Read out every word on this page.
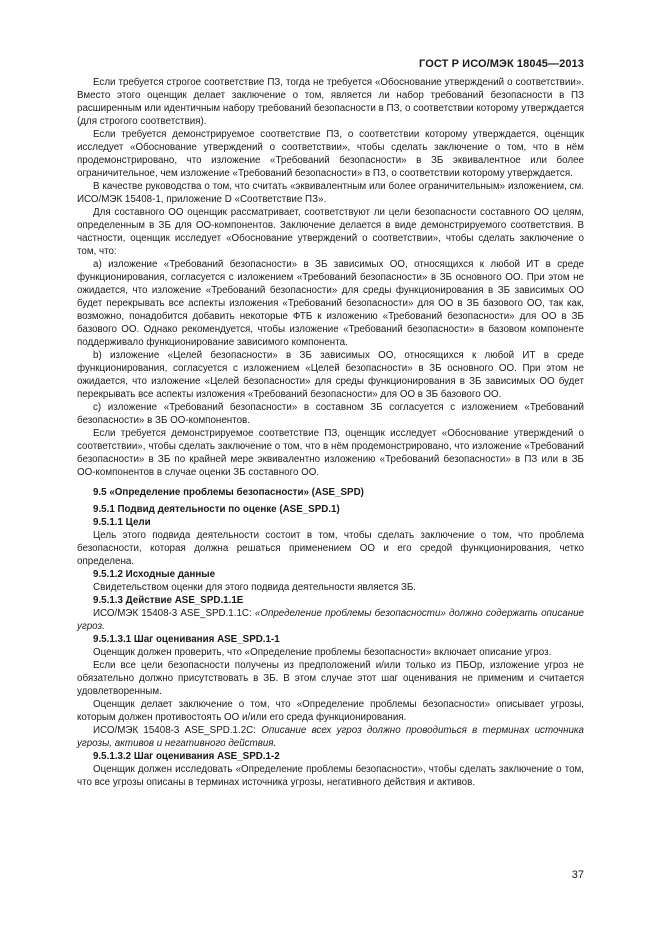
ГОСТ Р ИСО/МЭК 18045—2013

Если требуется строгое соответствие ПЗ, тогда не требуется «Обоснование утверждений о соответствии». Вместо этого оценщик делает заключение о том, является ли набор требований безопасности в ПЗ расширенным или идентичным набору требований безопасности в ПЗ, о соответствии которому утверждается (для строгого соответствия).

Если требуется демонстрируемое соответствие ПЗ, о соответствии которому утверждается, оценщик исследует «Обоснование утверждений о соответствии», чтобы сделать заключение о том, что в нём продемонстрировано, что изложение «Требований безопасности» в ЗБ эквивалентное или более ограничительное, чем изложение «Требований безопасности» в ПЗ, о соответствии которому утверждается.

В качестве руководства о том, что считать «эквивалентным или более ограничительным» изложением, см. ИСО/МЭК 15408-1, приложение D «Соответствие ПЗ».

Для составного ОО оценщик рассматривает, соответствуют ли цели безопасности составного ОО целям, определенным в ЗБ для ОО-компонентов. Заключение делается в виде демонстрируемого соответствия. В частности, оценщик исследует «Обоснование утверждений о соответствии», чтобы сделать заключение о том, что:

a) изложение «Требований безопасности» в ЗБ зависимых ОО, относящихся к любой ИТ в среде функционирования, согласуется с изложением «Требований безопасности» в ЗБ основного ОО. При этом не ожидается, что изложение «Требований безопасности» для среды функционирования в ЗБ зависимых ОО будет перекрывать все аспекты изложения «Требований безопасности» для ОО в ЗБ базового ОО, так как, возможно, понадобится добавить некоторые ФТБ к изложению «Требований безопасности» для ОО в ЗБ базового ОО. Однако рекомендуется, чтобы изложение «Требований безопасности» в базовом компоненте поддерживало функционирование зависимого компонента.

b) изложение «Целей безопасности» в ЗБ зависимых ОО, относящихся к любой ИТ в среде функционирования, согласуется с изложением «Целей безопасности» в ЗБ основного ОО. При этом не ожидается, что изложение «Целей безопасности» для среды функционирования в ЗБ зависимых ОО будет перекрывать все аспекты изложения «Требований безопасности» для ОО в ЗБ базового ОО.

c) изложение «Требований безопасности» в составном ЗБ согласуется с изложением «Требований безопасности» в ЗБ ОО-компонентов.

Если требуется демонстрируемое соответствие ПЗ, оценщик исследует «Обоснование утверждений о соответствии», чтобы сделать заключение о том, что в нём продемонстрировано, что изложение «Требований безопасности» в ЗБ по крайней мере эквивалентно изложению «Требований безопасности» в ПЗ или в ЗБ ОО-компонентов в случае оценки ЗБ составного ОО.

9.5 «Определение проблемы безопасности» (ASE_SPD)

9.5.1 Подвид деятельности по оценке (ASE_SPD.1)

9.5.1.1 Цели

Цель этого подвида деятельности состоит в том, чтобы сделать заключение о том, что проблема безопасности, которая должна решаться применением ОО и его средой функционирования, четко определена.

9.5.1.2 Исходные данные

Свидетельством оценки для этого подвида деятельности является ЗБ.

9.5.1.3 Действие ASE_SPD.1.1E

ИСО/МЭК 15408-3 ASE_SPD.1.1С: «Определение проблемы безопасности» должно содержать описание угроз.

9.5.1.3.1 Шаг оценивания ASE_SPD.1-1

Оценщик должен проверить, что «Определение проблемы безопасности» включает описание угроз.

Если все цели безопасности получены из предположений и/или только из ПБОр, изложение угроз не обязательно должно присутствовать в ЗБ. В этом случае этот шаг оценивания не применим и считается удовлетворенным.

Оценщик делает заключение о том, что «Определение проблемы безопасности» описывает угрозы, которым должен противостоять ОО и/или его среда функционирования.

ИСО/МЭК 15408-3 ASE_SPD.1.2С: Описание всех угроз должно проводиться в терминах источника угрозы, активов и негативного действия.

9.5.1.3.2 Шаг оценивания ASE_SPD.1-2

Оценщик должен исследовать «Определение проблемы безопасности», чтобы сделать заключение о том, что все угрозы описаны в терминах источника угрозы, негативного действия и активов.

37
